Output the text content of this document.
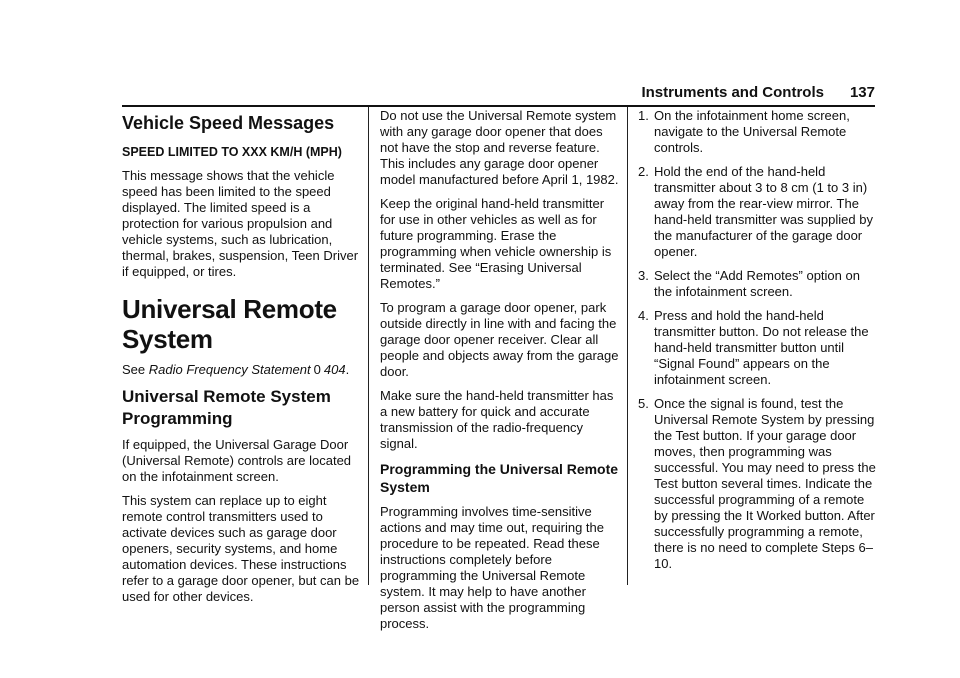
Instruments and Controls 137
Vehicle Speed Messages
SPEED LIMITED TO XXX KM/H (MPH)

This message shows that the vehicle speed has been limited to the speed displayed. The limited speed is a protection for various propulsion and vehicle systems, such as lubrication, thermal, brakes, suspension, Teen Driver if equipped, or tires.

Universal Remote System

See Radio Frequency Statement 0 404.

Universal Remote System
Programming

If equipped, the Universal Garage Door (Universal Remote) controls are located on the infotainment screen.

This system can replace up to eight remote control transmitters used to activate devices such as garage door openers, security systems, and home automation devices. These instructions refer to a garage door opener, but can be used for other devices.

Do not use the Universal Remote system with any garage door opener that does not have the stop and reverse feature. This includes any garage door opener model manufactured before April 1, 1982.

Keep the original hand-held transmitter for use in other vehicles as well as for future programming. Erase the programming when vehicle ownership is terminated. See “Erasing Universal Remotes.”

To program a garage door opener, park outside directly in line with and facing the garage door opener receiver. Clear all people and objects away from the garage door.

Make sure the hand-held transmitter has a new battery for quick and accurate transmission of the radio-frequency signal.

Programming the Universal Remote
System

Programming involves time-sensitive actions and may time out, requiring the procedure to be repeated. Read these instructions completely before programming the Universal Remote system. It may help to have another person assist with the programming process.

1. On the infotainment home screen, navigate to the Universal Remote controls.
2. Hold the end of the hand-held transmitter about 3 to 8 cm (1 to 3 in) away from the rear-view mirror. The hand-held transmitter was supplied by the manufacturer of the garage door opener.
3. Select the “Add Remotes” option on the infotainment screen.
4. Press and hold the hand-held transmitter button. Do not release the hand-held transmitter button until “Signal Found” appears on the infotainment screen.
5. Once the signal is found, test the Universal Remote System by pressing the Test button. If your garage door moves, then programming was successful. You may need to press the Test button several times. Indicate the successful programming of a remote by pressing the It Worked button. After successfully programming a remote, there is no need to complete Steps 6–10.
